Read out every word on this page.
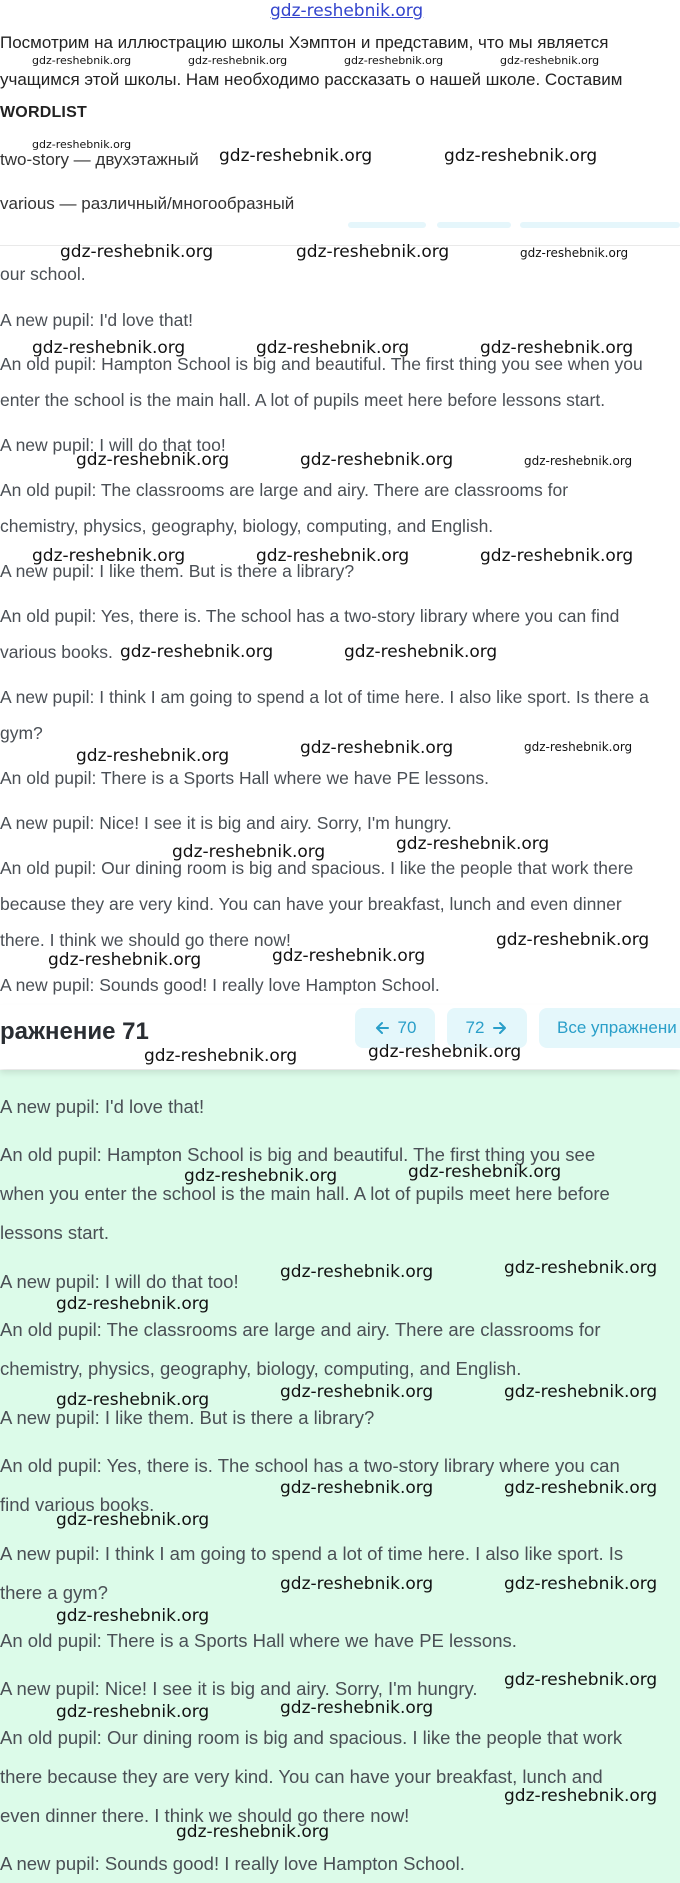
Посмотрим на иллюстрацию школы Хэмптон и представим, что мы является
учащимся этой школы. Нам необходимо рассказать о нашей школе. Составим
WORDLIST
two-story — двухэтажный
various — различный/многообразный
our school.
A new pupil: I'd love that!
An old pupil: Hampton School is big and beautiful. The first thing you see when you
enter the school is the main hall. A lot of pupils meet here before lessons start.
A new pupil: I will do that too!
An old pupil: The classrooms are large and airy. There are classrooms for
chemistry, physics, geography, biology, computing, and English.
A new pupil: I like them. But is there a library?
An old pupil: Yes, there is. The school has a two-story library where you can find
various books.
A new pupil: I think I am going to spend a lot of time here. I also like sport. Is there a
gym?
An old pupil: There is a Sports Hall where we have PE lessons.
A new pupil: Nice! I see it is big and airy. Sorry, I'm hungry.
An old pupil: Our dining room is big and spacious. I like the people that work there
because they are very kind. You can have your breakfast, lunch and even dinner
there. I think we should go there now!
A new pupil: Sounds good! I really love Hampton School.
ражнение 71	70	72	Все упражнени
A new pupil: I'd love that!
An old pupil: Hampton School is big and beautiful. The first thing you see
when you enter the school is the main hall. A lot of pupils meet here before
lessons start.
A new pupil: I will do that too!
An old pupil: The classrooms are large and airy. There are classrooms for
chemistry, physics, geography, biology, computing, and English.
A new pupil: I like them. But is there a library?
An old pupil: Yes, there is. The school has a two-story library where you can
find various books.
A new pupil: I think I am going to spend a lot of time here. I also like sport. Is
there a gym?
An old pupil: There is a Sports Hall where we have PE lessons.
A new pupil: Nice! I see it is big and airy. Sorry, I'm hungry.
An old pupil: Our dining room is big and spacious. I like the people that work
there because they are very kind. You can have your breakfast, lunch and
even dinner there. I think we should go there now!
A new pupil: Sounds good! I really love Hampton School.
gdz-reshebnik.org
gdz-reshebnik.org	gdz-reshebnik.org	gdz-reshebnik.org	gdz-reshebnik.org
gdz-reshebnik.org
gdz-reshebnik.org	gdz-reshebnik.org
gdz-reshebnik.org	gdz-reshebnik.org	gdz-reshebnik.org
gdz-reshebnik.org	gdz-reshebnik.org	gdz-reshebnik.org
gdz-reshebnik.org	gdz-reshebnik.org	gdz-reshebnik.org
gdz-reshebnik.org	gdz-reshebnik.org	gdz-reshebnik.org
gdz-reshebnik.org	gdz-reshebnik.org
gdz-reshebnik.org	gdz-reshebnik.org	gdz-reshebnik.org
gdz-reshebnik.org	gdz-reshebnik.org
gdz-reshebnik.org	gdz-reshebnik.org
gdz-reshebnik.org
gdz-reshebnik.org	gdz-reshebnik.org
gdz-reshebnik.org	gdz-reshebnik.org
gdz-reshebnik.org	gdz-reshebnik.org
gdz-reshebnik.org
gdz-reshebnik.org	gdz-reshebnik.org	gdz-reshebnik.org
gdz-reshebnik.org	gdz-reshebnik.org
gdz-reshebnik.org
gdz-reshebnik.org	gdz-reshebnik.org
gdz-reshebnik.org
gdz-reshebnik.org
gdz-reshebnik.org	gdz-reshebnik.org
gdz-reshebnik.org
gdz-reshebnik.org
